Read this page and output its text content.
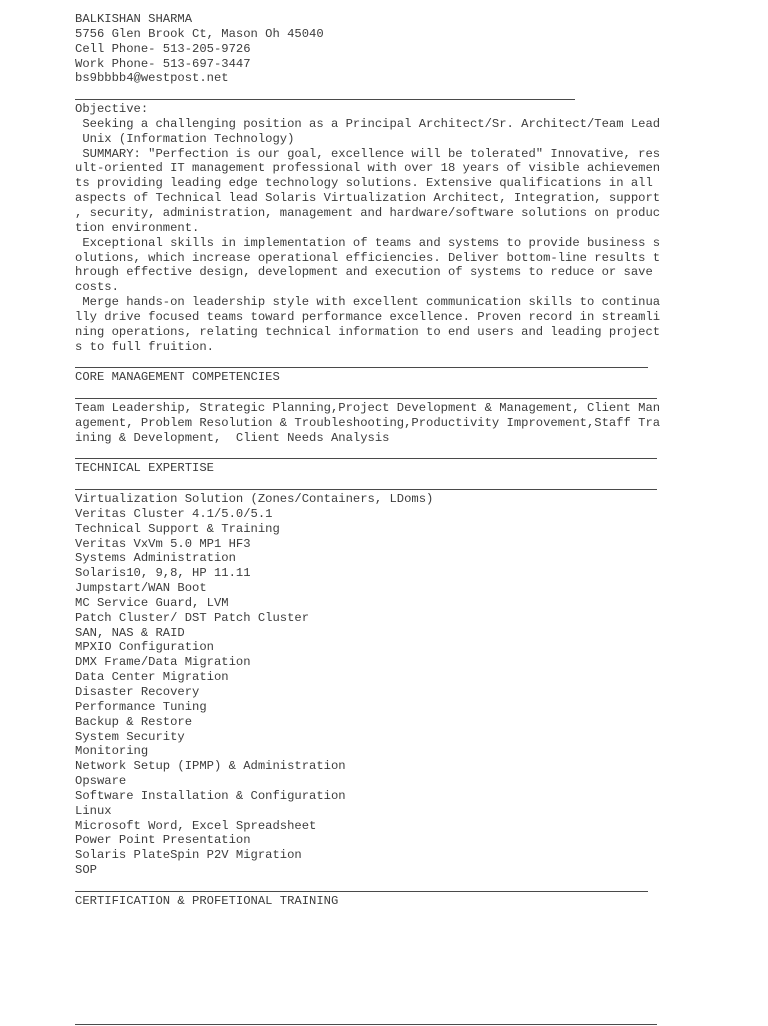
BALKISHAN SHARMA
5756 Glen Brook Ct, Mason Oh 45040
Cell Phone- 513-205-9726
Work Phone- 513-697-3447
bs9bbbb4@westpost.net
Objective:
Seeking a challenging position as a Principal Architect/Sr. Architect/Team Lead
Unix (Information Technology)
SUMMARY: "Perfection is our goal, excellence will be tolerated" Innovative, res
ult-oriented IT management professional with over 18 years of visible achievemen
ts providing leading edge technology solutions. Extensive qualifications in all
aspects of Technical lead Solaris Virtualization Architect, Integration, support
, security, administration, management and hardware/software solutions on produc
tion environment.
Exceptional skills in implementation of teams and systems to provide business s
olutions, which increase operational efficiencies. Deliver bottom-line results t
hrough effective design, development and execution of systems to reduce or save
costs.
Merge hands-on leadership style with excellent communication skills to continua
lly drive focused teams toward performance excellence. Proven record in streamli
ning operations, relating technical information to end users and leading project
s to full fruition.
CORE MANAGEMENT COMPETENCIES
Team Leadership, Strategic Planning,Project Development & Management, Client Man
agement, Problem Resolution & Troubleshooting,Productivity Improvement,Staff Tra
ining & Development,  Client Needs Analysis
TECHNICAL EXPERTISE
Virtualization Solution (Zones/Containers, LDoms)
Veritas Cluster 4.1/5.0/5.1
Technical Support & Training
Veritas VxVm 5.0 MP1 HF3
Systems Administration
Solaris10, 9,8, HP 11.11
Jumpstart/WAN Boot
MC Service Guard, LVM
Patch Cluster/ DST Patch Cluster
SAN, NAS & RAID
MPXIO Configuration
DMX Frame/Data Migration
Data Center Migration
Disaster Recovery
Performance Tuning
Backup & Restore
System Security
Monitoring
Network Setup (IPMP) & Administration
Opsware
Software Installation & Configuration
Linux
Microsoft Word, Excel Spreadsheet
Power Point Presentation
Solaris PlateSpin P2V Migration
SOP
CERTIFICATION & PROFETIONAL TRAINING
